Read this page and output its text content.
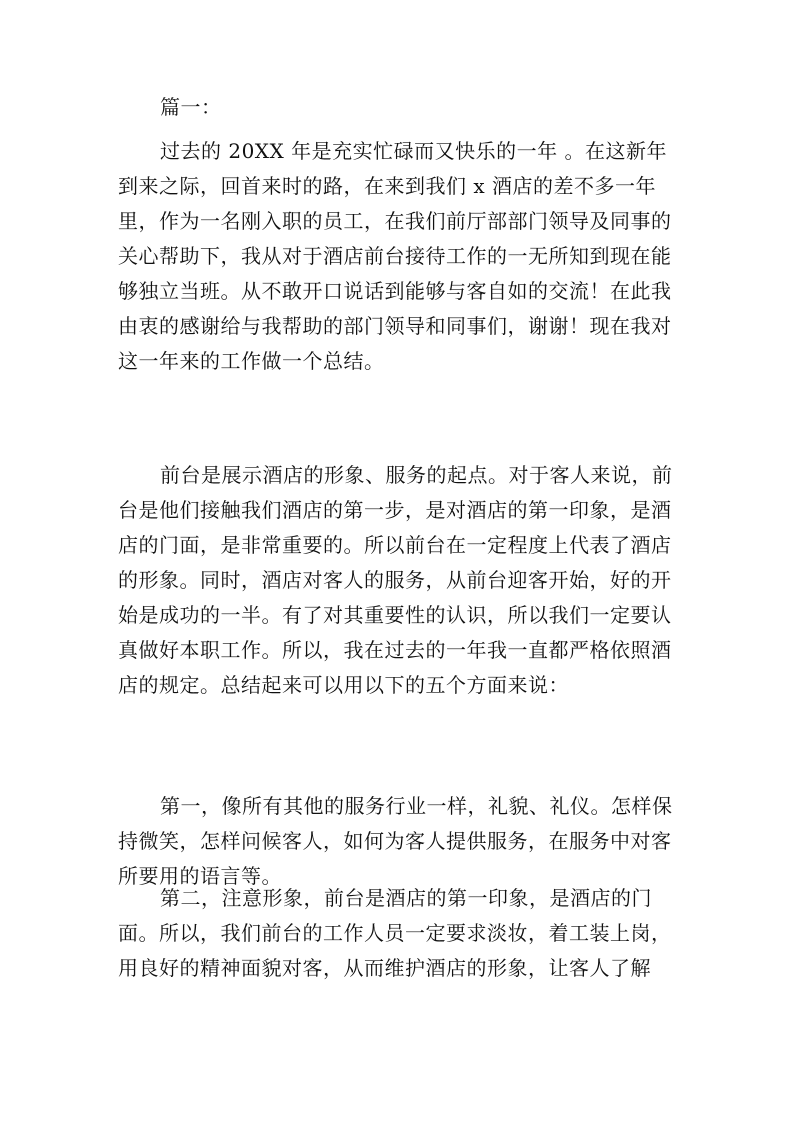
篇一：

过去的 20XX 年是充实忙碌而又快乐的一年 。在这新年到来之际，回首来时的路，在来到我们 x 酒店的差不多一年里，作为一名刚入职的员工，在我们前厅部部门领导及同事的关心帮助下，我从对于酒店前台接待工作的一无所知到现在能够独立当班。从不敢开口说话到能够与客自如的交流！在此我由衷的感谢给与我帮助的部门领导和同事们，谢谢！现在我对这一年来的工作做一个总结。

前台是展示酒店的形象、服务的起点。对于客人来说，前台是他们接触我们酒店的第一步，是对酒店的第一印象，是酒店的门面，是非常重要的。所以前台在一定程度上代表了酒店的形象。同时，酒店对客人的服务，从前台迎客开始，好的开始是成功的一半。有了对其重要性的认识，所以我们一定要认真做好本职工作。所以，我在过去的一年我一直都严格依照酒店的规定。总结起来可以用以下的五个方面来说：

第一，像所有其他的服务行业一样，礼貌、礼仪。怎样保持微笑，怎样问候客人，如何为客人提供服务，在服务中对客所要用的语言等。

第二，注意形象，前台是酒店的第一印象，是酒店的门面。所以，我们前台的工作人员一定要求淡妆，着工装上岗，用良好的精神面貌对客，从而维护酒店的形象，让客人了解
